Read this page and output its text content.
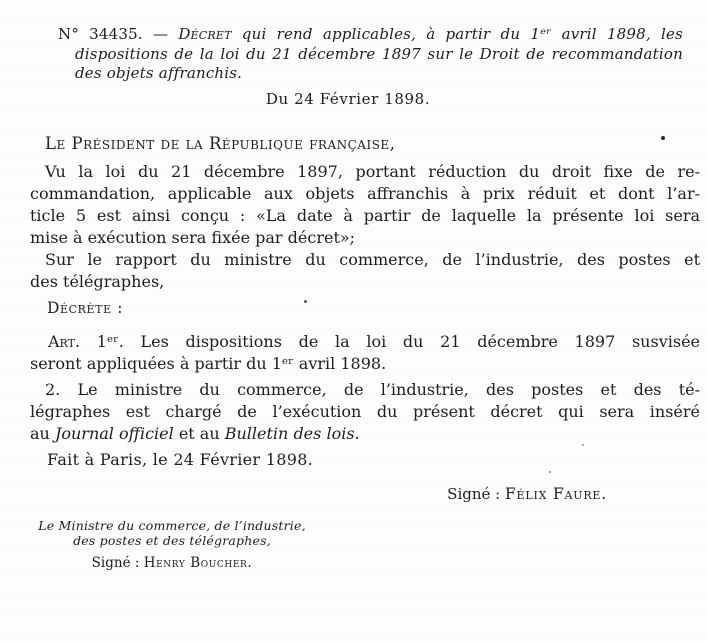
N° 34435. — Décret qui rend applicables, à partir du 1ᵉʳ avril 1898, les
dispositions de la loi du 21 décembre 1897 sur le Droit de recommandation
des objets affranchis.
Du 24 Février 1898.
Le Président de la République française,
Vu la loi du 21 décembre 1897, portant réduction du droit fixe de re-
commandation, applicable aux objets affranchis à prix réduit et dont l’ar-
ticle 5 est ainsi conçu : «La date à partir de laquelle la présente loi sera
mise à exécution sera fixée par décret»;
Sur le rapport du ministre du commerce, de l’industrie, des postes et
des télégraphes,
Décrète :
Art. 1ᵉʳ. Les dispositions de la loi du 21 décembre 1897 susvisée
seront appliquées à partir du 1ᵉʳ avril 1898.
2. Le ministre du commerce, de l’industrie, des postes et des té-
légraphes est chargé de l’exécution du présent décret qui sera inséré
au Journal officiel et au Bulletin des lois.
Fait à Paris, le 24 Février 1898.
Signé : Félix Faure.
Le Ministre du commerce, de l’industrie,
des postes et des télégraphes,
Signé : Henry Boucher.
